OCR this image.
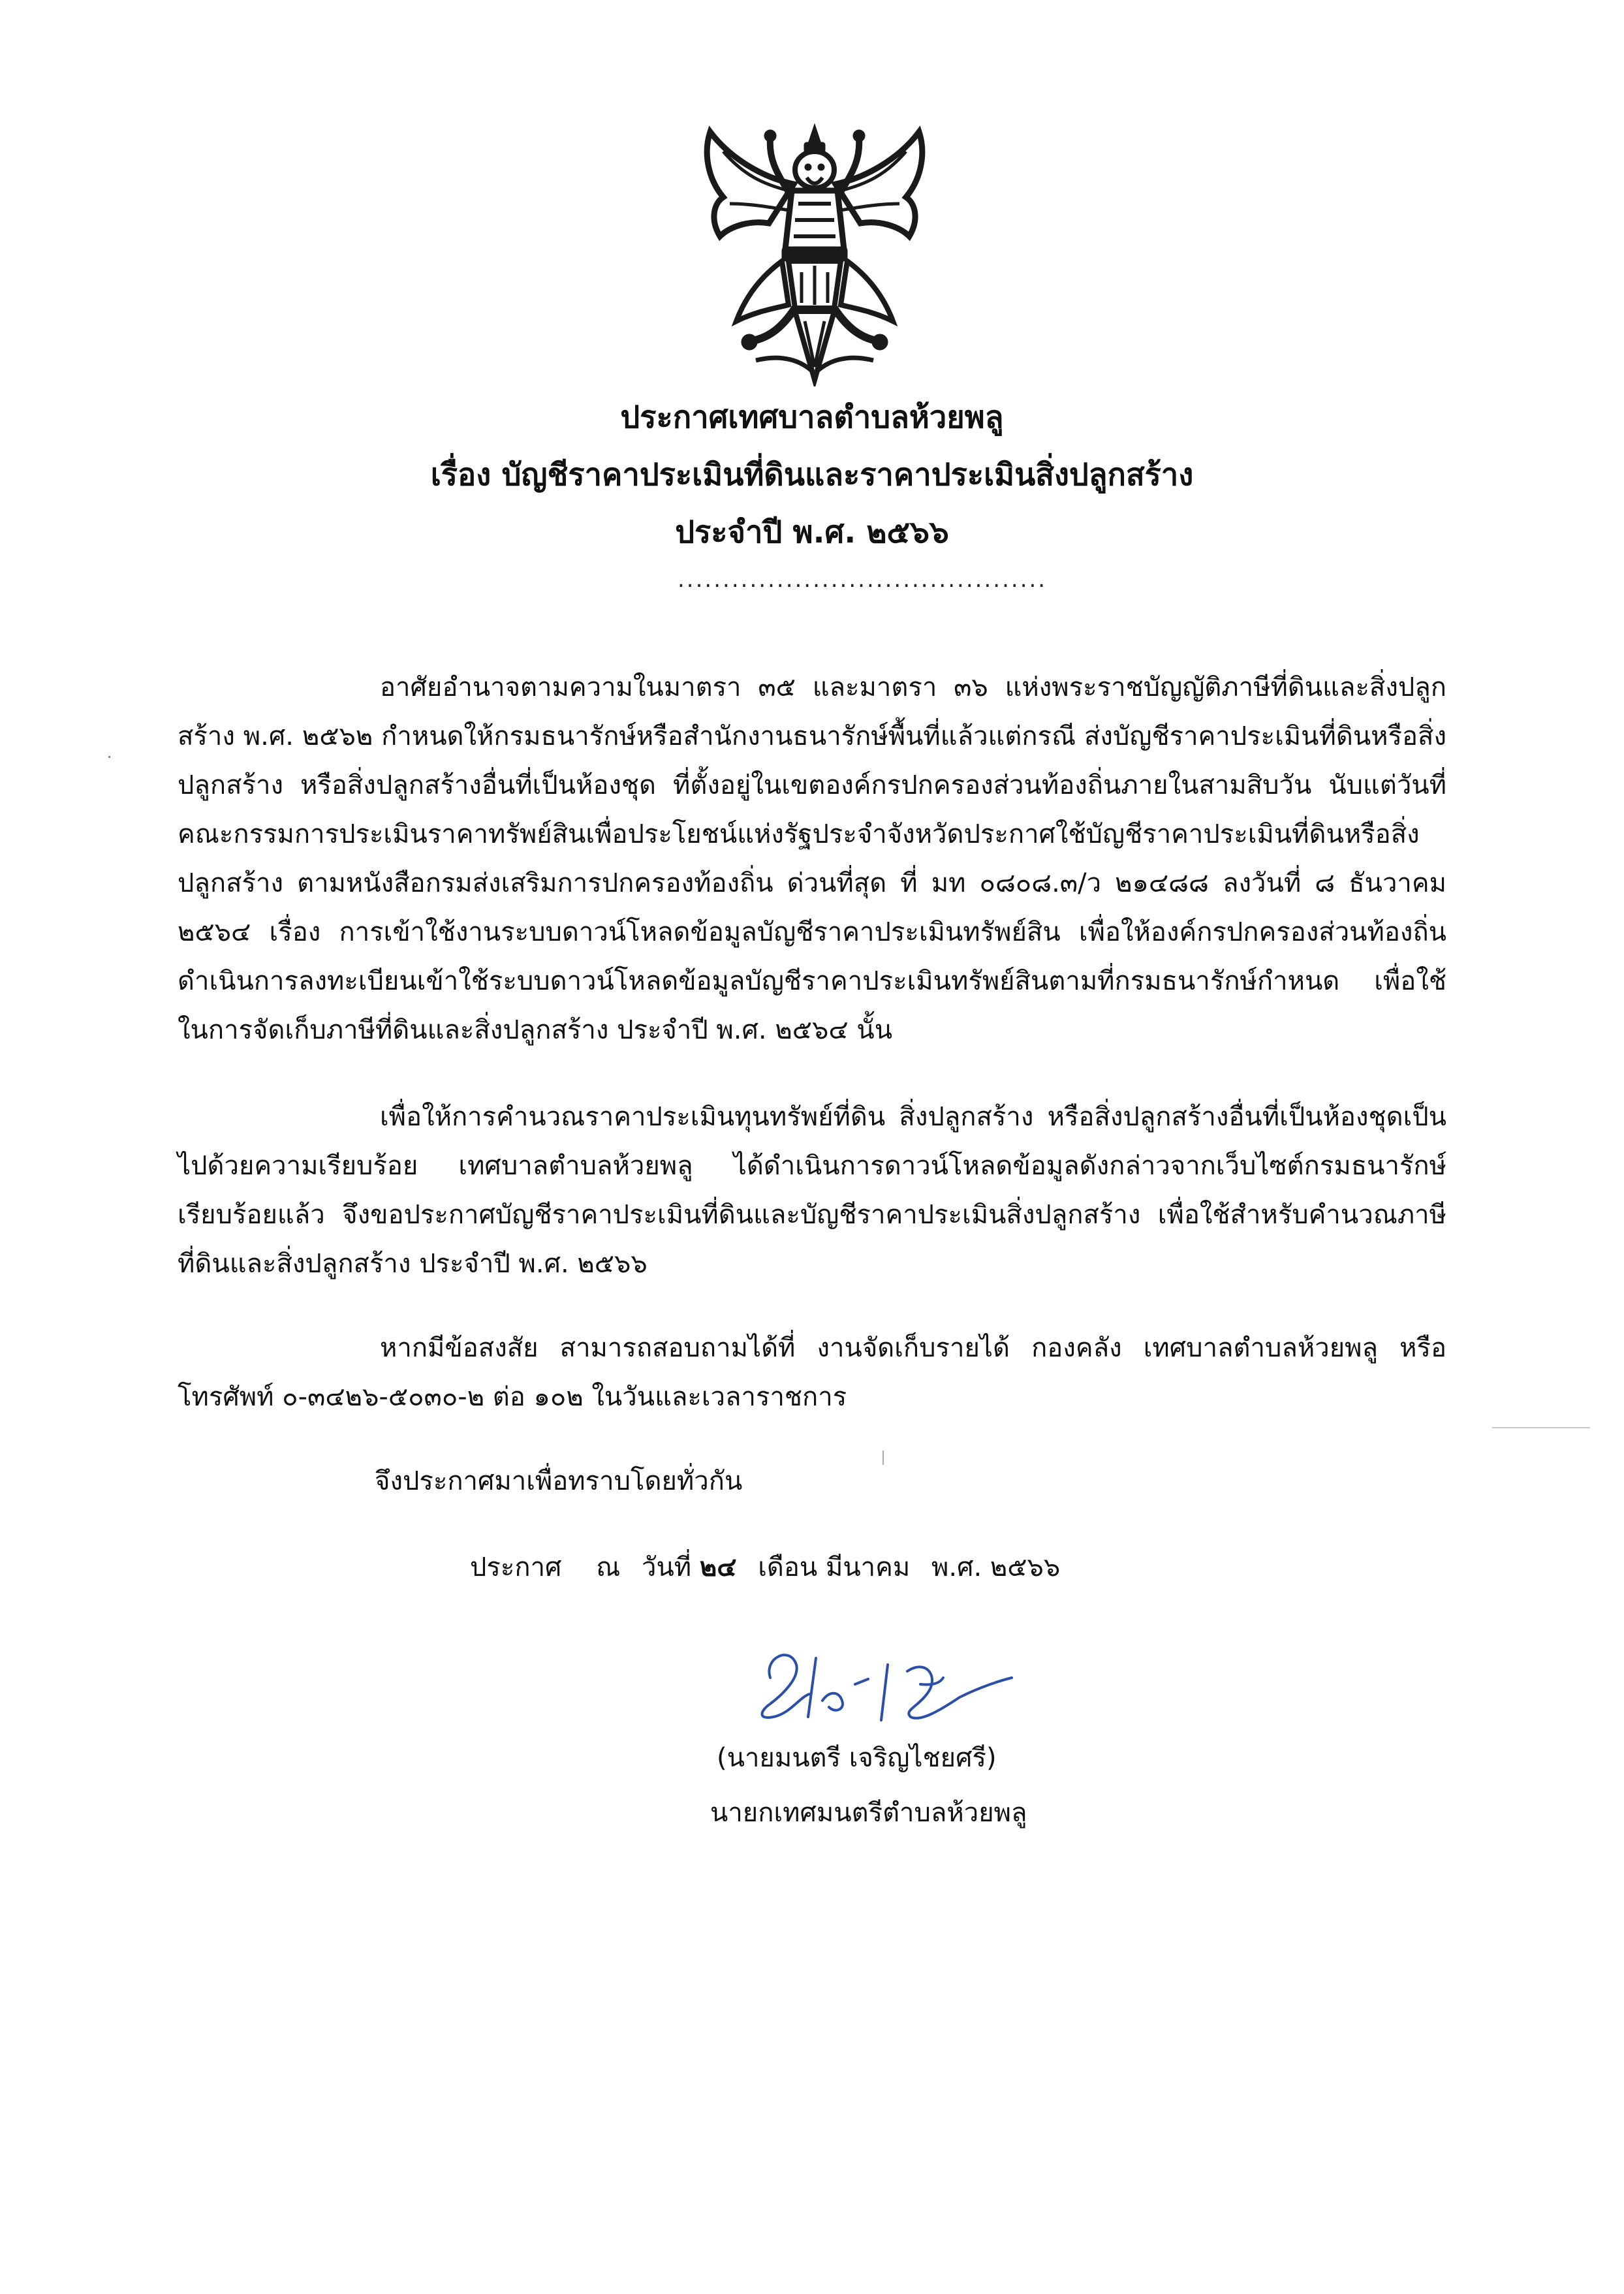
ประกาศเทศบาลตำบลห้วยพลู
เรื่อง บัญชีราคาประเมินที่ดินและราคาประเมินสิ่งปลูกสร้าง
ประจำปี พ.ศ. ๒๕๖๖
.........................................

อาศัยอำนาจตามความในมาตรา ๓๕ และมาตรา ๓๖ แห่งพระราชบัญญัติภาษีที่ดินและสิ่งปลูกสร้าง พ.ศ. ๒๕๖๒ กำหนดให้กรมธนารักษ์หรือสำนักงานธนารักษ์พื้นที่แล้วแต่กรณี ส่งบัญชีราคาประเมินที่ดินหรือสิ่งปลูกสร้าง หรือสิ่งปลูกสร้างอื่นที่เป็นห้องชุด ที่ตั้งอยู่ในเขตองค์กรปกครองส่วนท้องถิ่นภายในสามสิบวัน นับแต่วันที่คณะกรรมการประเมินราคาทรัพย์สินเพื่อประโยชน์แห่งรัฐประจำจังหวัดประกาศใช้บัญชีราคาประเมินที่ดินหรือสิ่งปลูกสร้าง ตามหนังสือกรมส่งเสริมการปกครองท้องถิ่น ด่วนที่สุด ที่ มท ๐๘๐๘.๓/ว ๒๑๔๘๘ ลงวันที่ ๘ ธันวาคม ๒๕๖๔ เรื่อง การเข้าใช้งานระบบดาวน์โหลดข้อมูลบัญชีราคาประเมินทรัพย์สิน เพื่อให้องค์กรปกครองส่วนท้องถิ่นดำเนินการลงทะเบียนเข้าใช้ระบบดาวน์โหลดข้อมูลบัญชีราคาประเมินทรัพย์สินตามที่กรมธนารักษ์กำหนด เพื่อใช้ในการจัดเก็บภาษีที่ดินและสิ่งปลูกสร้าง ประจำปี พ.ศ. ๒๕๖๔ นั้น

เพื่อให้การคำนวณราคาประเมินทุนทรัพย์ที่ดิน สิ่งปลูกสร้าง หรือสิ่งปลูกสร้างอื่นที่เป็นห้องชุดเป็นไปด้วยความเรียบร้อย เทศบาลตำบลห้วยพลู ได้ดำเนินการดาวน์โหลดข้อมูลดังกล่าวจากเว็บไซต์กรมธนารักษ์เรียบร้อยแล้ว จึงขอประกาศบัญชีราคาประเมินที่ดินและบัญชีราคาประเมินสิ่งปลูกสร้าง เพื่อใช้สำหรับคำนวณภาษีที่ดินและสิ่งปลูกสร้าง ประจำปี พ.ศ. ๒๕๖๖

หากมีข้อสงสัย สามารถสอบถามได้ที่ งานจัดเก็บรายได้ กองคลัง เทศบาลตำบลห้วยพลู หรือ โทรศัพท์ ๐-๓๔๒๖-๕๐๓๐-๒ ต่อ ๑๐๒ ในวันและเวลาราชการ

จึงประกาศมาเพื่อทราบโดยทั่วกัน
ประกาศ ณ วันที่ ๒๔ เดือน มีนาคม พ.ศ. ๒๕๖๖
(นายมนตรี เจริญไชยศรี)
นายกเทศมนตรีตำบลห้วยพลู
